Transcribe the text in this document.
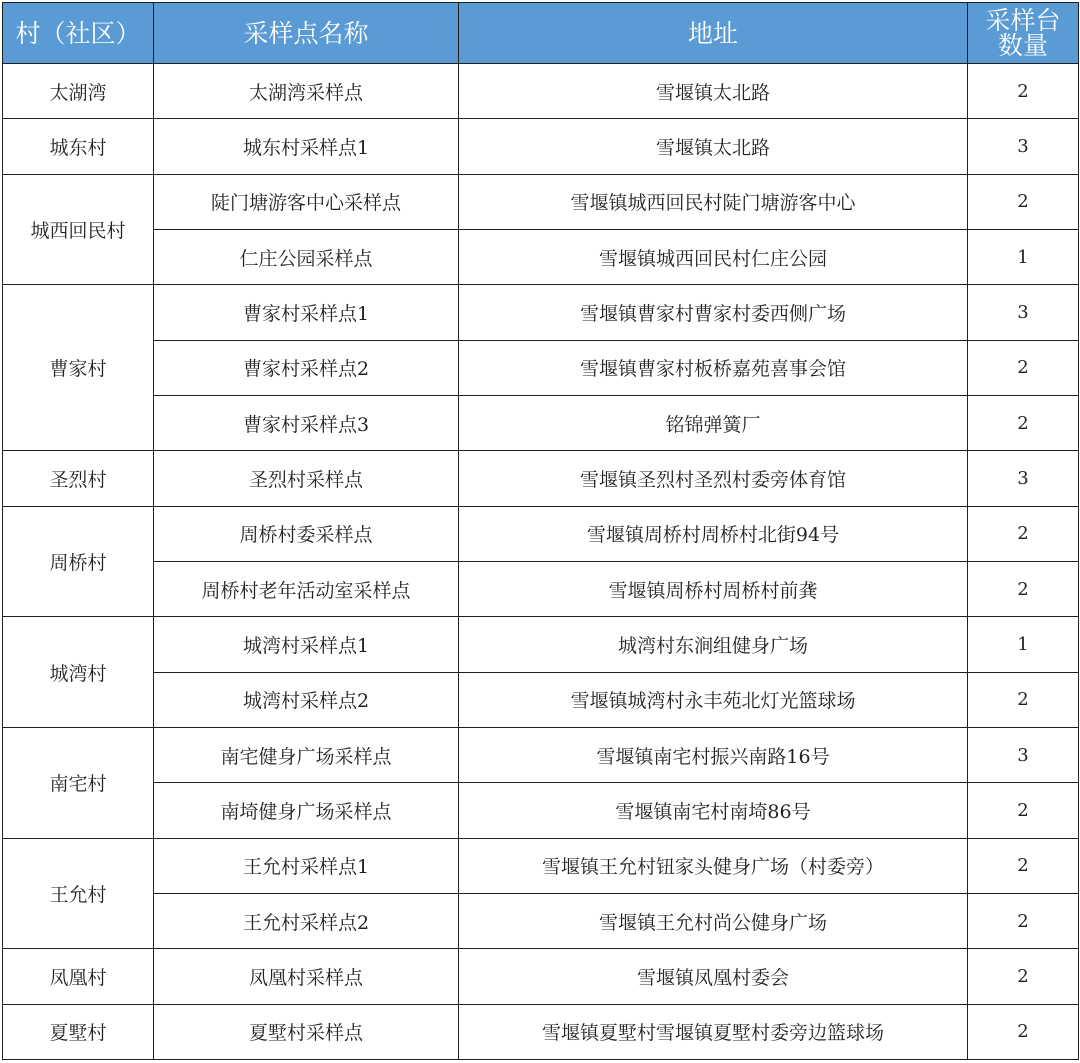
村（社区）	采样点名称	地址	采样台
数量

太湖湾	太湖湾采样点	雪堰镇太北路	2
城东村	城东村采样点1	雪堰镇太北路	3
城西回民村	陡门塘游客中心采样点	雪堰镇城西回民村陡门塘游客中心	2
	仁庄公园采样点	雪堰镇城西回民村仁庄公园	1
曹家村	曹家村采样点1	雪堰镇曹家村曹家村委西侧广场	3
	曹家村采样点2	雪堰镇曹家村板桥嘉苑喜事会馆	2
	曹家村采样点3	铭锦弹簧厂	2
圣烈村	圣烈村采样点	雪堰镇圣烈村圣烈村委旁体育馆	3
周桥村	周桥村委采样点	雪堰镇周桥村周桥村北街94号	2
	周桥村老年活动室采样点	雪堰镇周桥村周桥村前龚	2
城湾村	城湾村采样点1	城湾村东涧组健身广场	1
	城湾村采样点2	雪堰镇城湾村永丰苑北灯光篮球场	2
南宅村	南宅健身广场采样点	雪堰镇南宅村振兴南路16号	3
	南埼健身广场采样点	雪堰镇南宅村南埼86号	2
王允村	王允村采样点1	雪堰镇王允村钮家头健身广场（村委旁）	2
	王允村采样点2	雪堰镇王允村尚公健身广场	2
凤凰村	凤凰村采样点	雪堰镇凤凰村委会	2
夏墅村	夏墅村采样点	雪堰镇夏墅村雪堰镇夏墅村委旁边篮球场	2
